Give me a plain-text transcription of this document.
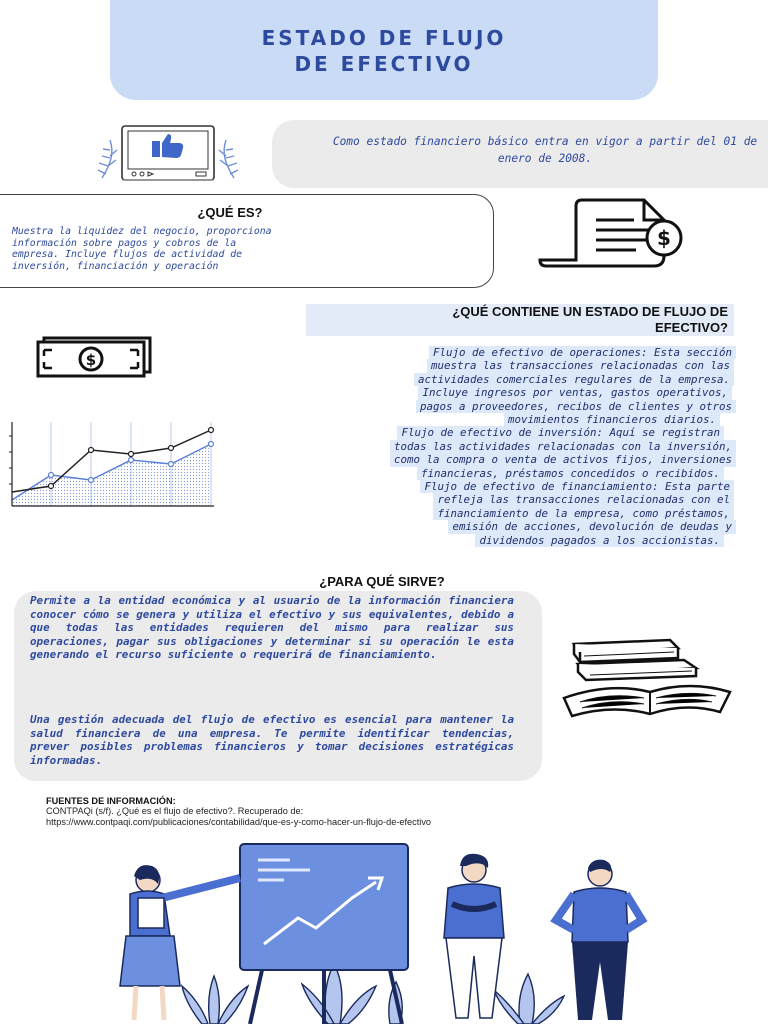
ESTADO DE FLUJO
DE EFECTIVO
Como estado financiero básico entra en vigor a partir del 01 de enero de 2008.
¿QUÉ ES?
Muestra la liquidez del negocio, proporciona
información sobre pagos y cobros de la
empresa. Incluye flujos de actividad de
inversión, financiación y operación
$
¿QUÉ CONTIENE UN ESTADO DE FLUJO DE
EFECTIVO?
$	Flujo de efectivo de operaciones: Esta sección
muestra las transacciones relacionadas con las
actividades comerciales regulares de la empresa.
Incluye ingresos por ventas, gastos operativos,
pagos a proveedores, recibos de clientes y otros
movimientos financieros diarios.
Flujo de efectivo de inversión: Aquí se registran
todas las actividades relacionadas con la inversión,
como la compra o venta de activos fijos, inversiones
financieras, préstamos concedidos o recibidos.
Flujo de efectivo de financiamiento: Esta parte
refleja las transacciones relacionadas con el
financiamiento de la empresa, como préstamos,
emisión de acciones, devolución de deudas y
dividendos pagados a los accionistas.
¿PARA QUÉ SIRVE?
Permite a la entidad económica y al usuario de la información financiera conocer cómo se genera y utiliza el efectivo y sus equivalentes, debido a que todas las entidades requieren del mismo para realizar sus operaciones, pagar sus obligaciones y determinar si su operación le esta generando el recurso suficiente o requerirá de financiamiento.
Una gestión adecuada del flujo de efectivo es esencial para mantener la salud financiera de una empresa. Te permite identificar tendencias, prever posibles problemas financieros y tomar decisiones estratégicas informadas.
FUENTES DE INFORMACIÓN:
CONTPAQi (s/f). ¿Qué es el flujo de efectivo?. Recuperado de:
https://www.contpaqi.com/publicaciones/contabilidad/que-es-y-como-hacer-un-flujo-de-efectivo
